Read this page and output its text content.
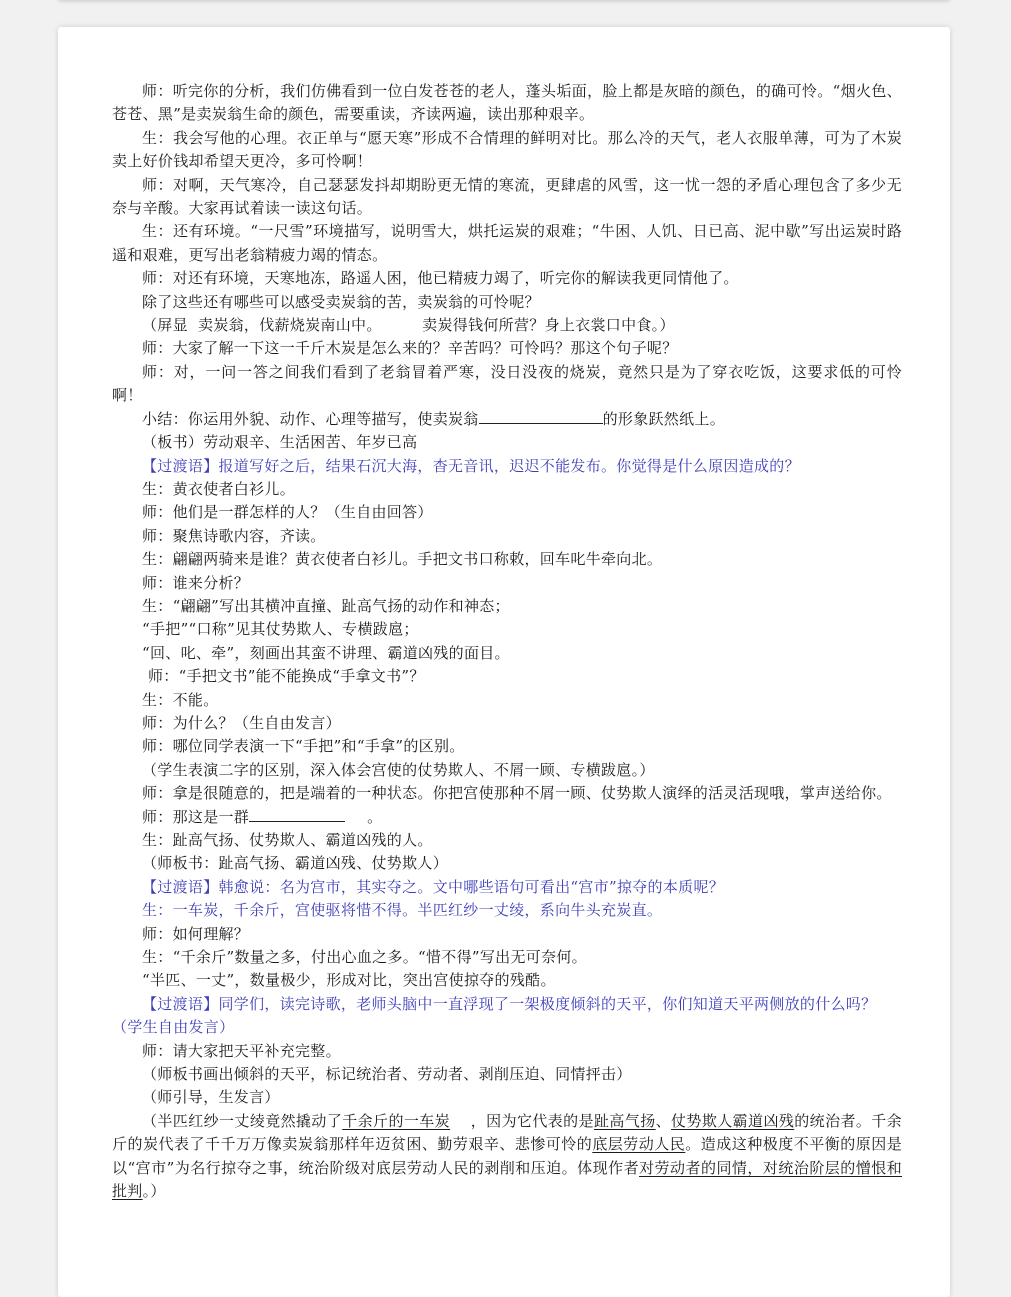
师：听完你的分析，我们仿佛看到一位白发苍苍的老人，蓬头垢面，脸上都是灰暗的颜色，的确可怜。“烟火色、苍苍、黑”是卖炭翁生命的颜色，需要重读，齐读两遍，读出那种艰辛。

生：我会写他的心理。衣正单与“愿天寒”形成不合情理的鲜明对比。那么冷的天气，老人衣服单薄，可为了木炭卖上好价钱却希望天更冷，多可怜啊！

师：对啊，天气寒冷，自己瑟瑟发抖却期盼更无情的寒流，更肆虐的风雪，这一忧一怨的矛盾心理包含了多少无奈与辛酸。大家再试着读一读这句话。

生：还有环境。“一尺雪”环境描写，说明雪大，烘托运炭的艰难；“牛困、人饥、日已高、泥中歇”写出运炭时路遥和艰难，更写出老翁精疲力竭的情态。

师：对还有环境，天寒地冻，路遥人困，他已精疲力竭了，听完你的解读我更同情他了。

除了这些还有哪些可以感受卖炭翁的苦，卖炭翁的可怜呢？

（屏显  卖炭翁，伐薪烧炭南山中。        卖炭得钱何所营？身上衣裳口中食。）

师：大家了解一下这一千斤木炭是怎么来的？辛苦吗？可怜吗？那这个句子呢？

师：对，一问一答之间我们看到了老翁冒着严寒，没日没夜的烧炭，竟然只是为了穿衣吃饭，这要求低的可怜啊！

小结：你运用外貌、动作、心理等描写，使卖炭翁	的形象跃然纸上。

（板书）劳动艰辛、生活困苦、年岁已高

【过渡语】报道写好之后，结果石沉大海，杳无音讯，迟迟不能发布。你觉得是什么原因造成的？

生：黄衣使者白衫儿。

师：他们是一群怎样的人？（生自由回答）

师：聚焦诗歌内容，齐读。

生：翩翩两骑来是谁？黄衣使者白衫儿。手把文书口称敕，回车叱牛牵向北。

师：谁来分析？

生：“翩翩”写出其横冲直撞、趾高气扬的动作和神态；

“手把”“口称”见其仗势欺人、专横跋扈；

“回、叱、牵”，刻画出其蛮不讲理、霸道凶残的面目。

师：“手把文书”能不能换成“手拿文书”？

生：不能。

师：为什么？（生自由发言）

师：哪位同学表演一下“手把”和“手拿”的区别。

（学生表演二字的区别，深入体会宫使的仗势欺人、不屑一顾、专横跋扈。）

师：拿是很随意的，把是端着的一种状态。你把宫使那种不屑一顾、仗势欺人演绎的活灵活现哦，掌声送给你。

师：那这是一群	。

生：趾高气扬、仗势欺人、霸道凶残的人。

（师板书：趾高气扬、霸道凶残、仗势欺人）

【过渡语】韩愈说：名为宫市，其实夺之。文中哪些语句可看出“宫市”掠夺的本质呢？

生：一车炭，千余斤，宫使驱将惜不得。半匹红纱一丈绫，系向牛头充炭直。

师：如何理解？

生：“千余斤”数量之多，付出心血之多。“惜不得”写出无可奈何。

“半匹、一丈”，数量极少，形成对比，突出宫使掠夺的残酷。

【过渡语】同学们，读完诗歌，老师头脑中一直浮现了一架极度倾斜的天平，你们知道天平两侧放的什么吗？

（学生自由发言）

师：请大家把天平补充完整。

（师板书画出倾斜的天平，标记统治者、劳动者、剥削压迫、同情抨击）

（师引导，生发言）

（半匹红纱一丈绫竟然撬动了千余斤的一车炭    ，因为它代表的是趾高气扬、仗势欺人霸道凶残的统治者。千余斤的炭代表了千千万万像卖炭翁那样年迈贫困、勤劳艰辛、悲惨可怜的底层劳动人民。造成这种极度不平衡的原因是以“宫市”为名行掠夺之事，统治阶级对底层劳动人民的剥削和压迫。体现作者对劳动者的同情，对统治阶层的憎恨和批判。）
